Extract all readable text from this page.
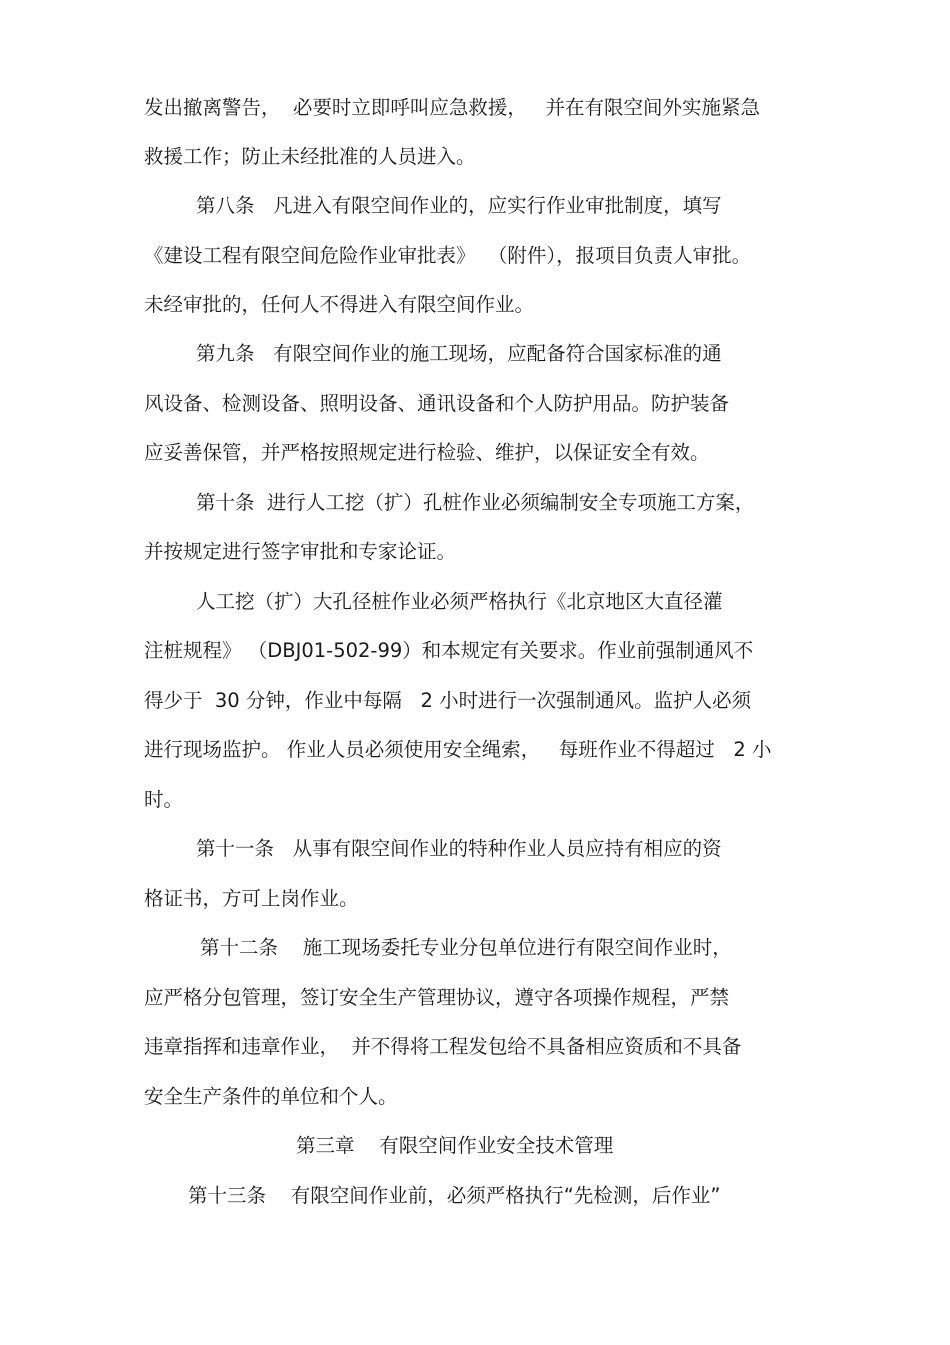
发出撤离警告，  必要时立即呼叫应急救援，   并在有限空间外实施紧急
救援工作；防止未经批准的人员进入。
第八条   凡进入有限空间作业的，应实行作业审批制度，填写
《建设工程有限空间危险作业审批表》  （附件），报项目负责人审批。
未经审批的，任何人不得进入有限空间作业。
第九条   有限空间作业的施工现场，应配备符合国家标准的通
风设备、检测设备、照明设备、通讯设备和个人防护用品。防护装备
应妥善保管，并严格按照规定进行检验、维护，以保证安全有效。
第十条  进行人工挖（扩）孔桩作业必须编制安全专项施工方案，
并按规定进行签字审批和专家论证。
人工挖（扩）大孔径桩作业必须严格执行《北京地区大直径灌
注桩规程》 （DBJ01-502-99）和本规定有关要求。作业前强制通风不
得少于  30 分钟，作业中每隔   2 小时进行一次强制通风。监护人必须
进行现场监护。 作业人员必须使用安全绳索，   每班作业不得超过   2 小
时。
第十一条   从事有限空间作业的特种作业人员应持有相应的资
格证书，方可上岗作业。
第十二条    施工现场委托专业分包单位进行有限空间作业时，
应严格分包管理，签订安全生产管理协议，遵守各项操作规程，严禁
违章指挥和违章作业，  并不得将工程发包给不具备相应资质和不具备
安全生产条件的单位和个人。
第三章    有限空间作业安全技术管理
第十三条    有限空间作业前，必须严格执行“先检测，后作业”
